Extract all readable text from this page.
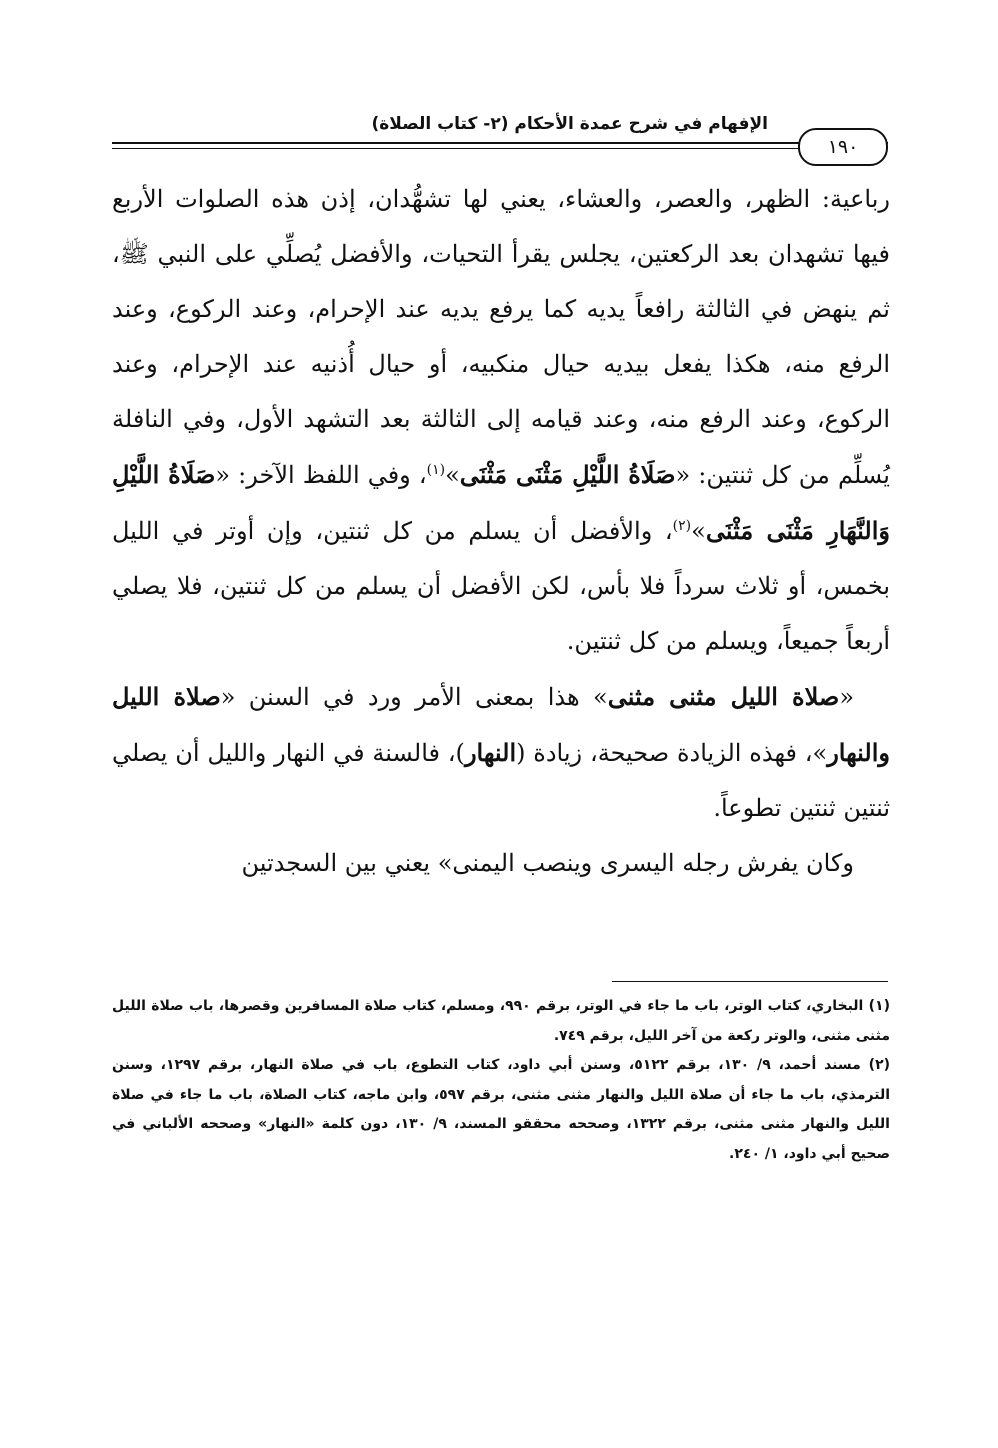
الإفهام في شرح عمدة الأحكام (٢- كتاب الصلاة)
١٩٠

رباعية: الظهر، والعصر، والعشاء، يعني لها تشهُّدان، إذن هذه الصلوات الأربع فيها تشهدان بعد الركعتين، يجلس يقرأ التحيات، والأفضل يُصلِّي على النبي ﷺ، ثم ينهض في الثالثة رافعاً يديه كما يرفع يديه عند الإحرام، وعند الركوع، وعند الرفع منه، هكذا يفعل بيديه حيال منكبيه، أو حيال أُذنيه عند الإحرام، وعند الركوع، وعند الرفع منه، وعند قيامه إلى الثالثة بعد التشهد الأول، وفي النافلة يُسلِّم من كل ثنتين: «صَلَاةُ اللَّيْلِ مَثْنَى مَثْنَى»$^{(١)}$، وفي اللفظ الآخر: «صَلَاةُ اللَّيْلِ وَالنَّهَارِ مَثْنَى مَثْنَى»$^{(٢)}$، والأفضل أن يسلم من كل ثنتين، وإن أوتر في الليل بخمس، أو ثلاث سرداً فلا بأس، لكن الأفضل أن يسلم من كل ثنتين، فلا يصلي أربعاً جميعاً، ويسلم من كل ثنتين.

«صلاة الليل مثنى مثنى» هذا بمعنى الأمر ورد في السنن «صلاة الليل والنهار»، فهذه الزيادة صحيحة، زيادة (النهار)، فالسنة في النهار والليل أن يصلي ثنتين ثنتين تطوعاً.

وكان يفرش رجله اليسرى وينصب اليمنى» يعني بين السجدتين

(١) البخاري، كتاب الوتر، باب ما جاء في الوتر، برقم ٩٩٠، ومسلم، كتاب صلاة المسافرين وقصرها، باب صلاة الليل مثنى مثنى، والوتر ركعة من آخر الليل، برقم ٧٤٩.

(٢) مسند أحمد، ٩/ ١٣٠، برقم ٥١٢٢، وسنن أبي داود، كتاب التطوع، باب في صلاة النهار، برقم ١٢٩٧، وسنن الترمذي، باب ما جاء أن صلاة الليل والنهار مثنى مثنى، برقم ٥٩٧، وابن ماجه، كتاب الصلاة، باب ما جاء في صلاة الليل والنهار مثنى مثنى، برقم ١٣٢٢، وصححه محققو المسند، ٩/ ١٣٠، دون كلمة «النهار» وصححه الألباني في صحيح أبي داود، ١/ ٢٤٠.
